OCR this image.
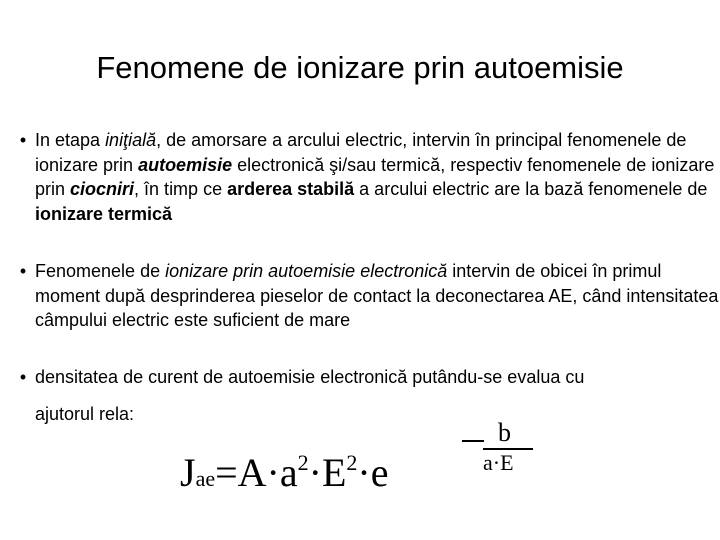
Fenomene de ionizare prin autoemisie
• In etapa iniţială, de amorsare a arcului electric, intervin în principal fenomenele de ionizare prin autoemisie electronică şi/sau termică, respectiv fenomenele de ionizare prin ciocniri, în timp ce arderea stabilă a arcului electric are la bază fenomenele de ionizare termică
• Fenomenele de ionizare prin autoemisie electronică intervin de obicei în primul moment după desprinderea pieselor de contact la deconectarea AE, când intensitatea câmpului electric este suficient de mare
• densitatea de curent de autoemisie electronică putându-se evalua cu
ajutorul rela:
$Jae=A\cdot a^2\cdot E^2\cdot e$
b
a·E
